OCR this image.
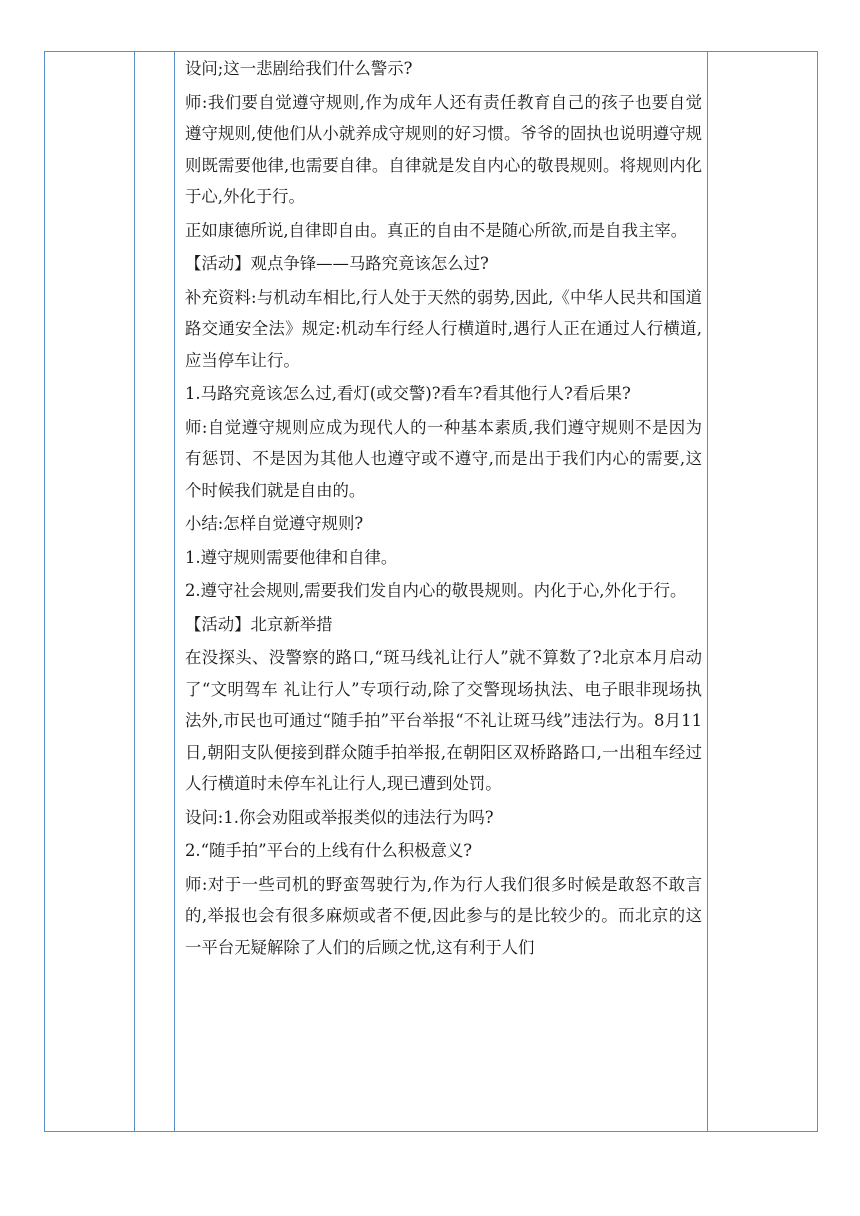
设问;这一悲剧给我们什么警示?

师:我们要自觉遵守规则,作为成年人还有责任教育自己的孩子也要自觉遵守规则,使他们从小就养成守规则的好习惯。爷爷的固执也说明遵守规则既需要他律,也需要自律。自律就是发自内心的敬畏规则。将规则内化于心,外化于行。

正如康德所说,自律即自由。真正的自由不是随心所欲,而是自我主宰。

【活动】观点争锋——马路究竟该怎么过?

补充资料:与机动车相比,行人处于天然的弱势,因此,《中华人民共和国道路交通安全法》规定:机动车行经人行横道时,遇行人正在通过人行横道,应当停车让行。

1.马路究竟该怎么过,看灯(或交警)?看车?看其他行人?看后果?

师:自觉遵守规则应成为现代人的一种基本素质,我们遵守规则不是因为有惩罚、不是因为其他人也遵守或不遵守,而是出于我们内心的需要,这个时候我们就是自由的。

小结:怎样自觉遵守规则?

1.遵守规则需要他律和自律。

2.遵守社会规则,需要我们发自内心的敬畏规则。内化于心,外化于行。

【活动】北京新举措

在没探头、没警察的路口,“斑马线礼让行人”就不算数了?北京本月启动了“文明驾车 礼让行人”专项行动,除了交警现场执法、电子眼非现场执法外,市民也可通过“随手拍”平台举报“不礼让斑马线”违法行为。8月11日,朝阳支队便接到群众随手拍举报,在朝阳区双桥路路口,一出租车经过人行横道时未停车礼让行人,现已遭到处罚。

设问:1.你会劝阻或举报类似的违法行为吗?

2.“随手拍”平台的上线有什么积极意义?

师:对于一些司机的野蛮驾驶行为,作为行人我们很多时候是敢怒不敢言的,举报也会有很多麻烦或者不便,因此参与的是比较少的。而北京的这一平台无疑解除了人们的后顾之忧,这有利于人们
